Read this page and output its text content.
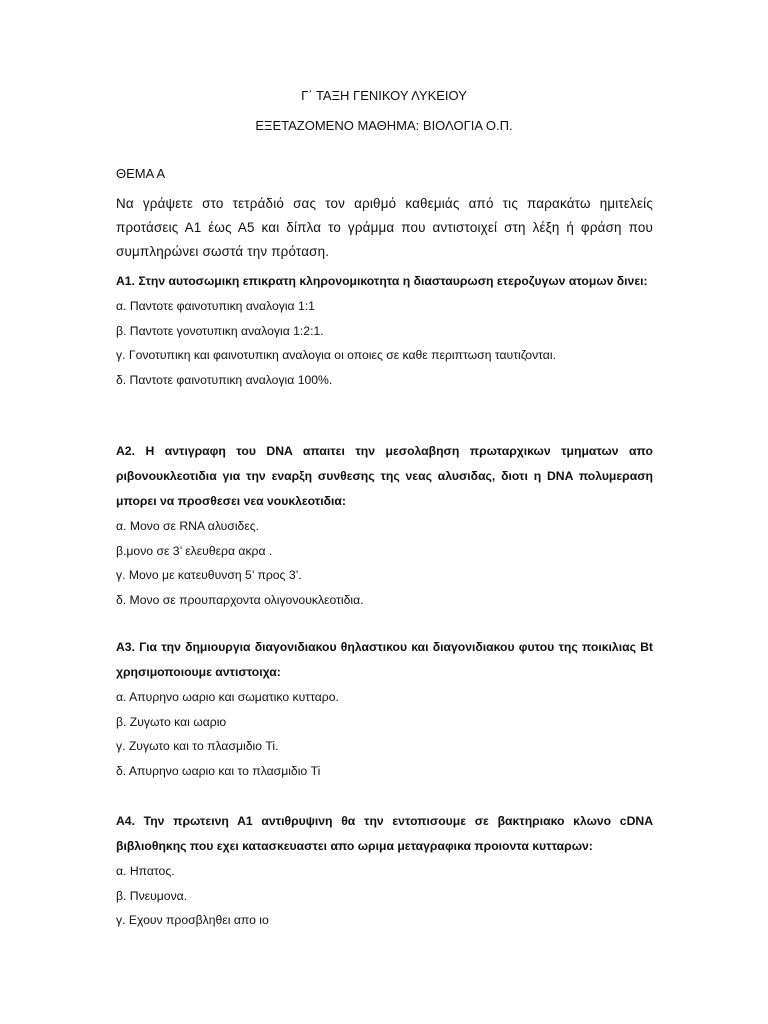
Γ΄ ΤΑΞΗ ΓΕΝΙΚΟΥ ΛΥΚΕΙΟΥ

ΕΞΕΤΑΖΟΜΕΝΟ ΜΑΘΗΜΑ: ΒΙΟΛΟΓΙΑ Ο.Π.

ΘΕΜΑ Α

Να γράψετε στο τετράδιό σας τον αριθμό καθεμιάς από τις παρακάτω ημιτελείς προτάσεις Α1 έως Α5 και δίπλα το γράμμα που αντιστοιχεί στη λέξη ή φράση που συμπληρώνει σωστά την πρόταση.

Α1. Στην αυτοσωμικη επικρατη κληρονομικοτητα η διασταυρωση ετεροζυγων ατομων δινει:

α. Παντοτε φαινοτυπικη αναλογια 1:1
β. Παντοτε γονοτυπικη αναλογια 1:2:1.
γ. Γονοτυπικη και φαινοτυπικη αναλογια οι οποιες σε καθε περιπτωση ταυτιζονται.
δ. Παντοτε φαινοτυπικη αναλογια 100%.

Α2. Η αντιγραφη του DNA απαιτει την μεσολαβηση πρωταρχικων τμηματων απο ριβονουκλεοτιδια για την εναρξη συνθεσης της νεας αλυσιδας, διοτι η DNA πολυμεραση μπορει να προσθεσει νεα νουκλεοτιδια:

α. Μονο σε RNA αλυσιδες.
β.μονο σε 3’ ελευθερα ακρα .
γ. Μονο με κατευθυνση 5’ προς 3’.
δ. Μονο σε προυπαρχοντα ολιγονουκλεοτιδια.

Α3. Για την δημιουργια διαγονιδιακου θηλαστικου και διαγονιδιακου φυτου της ποικιλιας Bt χρησιμοποιουμε αντιστοιχα:

α. Απυρηνο ωαριο και σωματικο κυτταρο.
β. Ζυγωτο και ωαριο
γ. Ζυγωτο και το πλασμιδιο Ti.
δ. Απυρηνο ωαριο και το πλασμιδιο Ti

Α4. Την πρωτεινη Α1 αντιθρυψινη θα την εντοπισουμε σε βακτηριακο κλωνο cDNA βιβλιοθηκης που εχει κατασκευαστει απο ωριμα μεταγραφικα προιοντα κυτταρων:

α. Ηπατος.
β. Πνευμονα.
γ. Εχουν προσβληθει απο ιο
